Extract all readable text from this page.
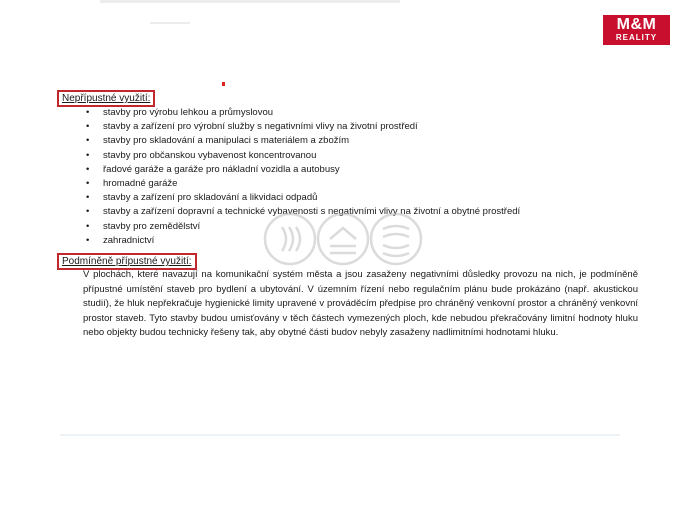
M&M
REALITY
Nepřípustné využití:
• stavby pro výrobu lehkou a průmyslovou
• stavby a zařízení pro výrobní služby s negativními vlivy na životní prostředí
• stavby pro skladování a manipulaci s materiálem a zbožím
• stavby pro občanskou vybavenost koncentrovanou
• řadové garáže a garáže pro nákladní vozidla a autobusy
• hromadné garáže
• stavby a zařízení pro skladování a likvidaci odpadů
• stavby a zařízení dopravní a technické vybavenosti s negativními vlivy na životní a obytné prostředí
• stavby pro zemědělství
• zahradnictví
Podmíněně přípustné využití:

V plochách, které navazují na komunikační systém města a jsou zasaženy negativními důsledky provozu na nich, je podmíněně přípustné umístění staveb pro bydlení a ubytování. V územním řízení nebo regulačním plánu bude prokázáno (např. akustickou studií), že hluk nepřekračuje hygienické limity upravené v prováděcím předpise pro chráněný venkovní prostor a chráněný venkovní prostor staveb. Tyto stavby budou umisťovány v těch částech vymezených ploch, kde nebudou překračovány limitní hodnoty hluku nebo objekty budou technicky řešeny tak, aby obytné části budov nebyly zasaženy nadlimitními hodnotami hluku.
